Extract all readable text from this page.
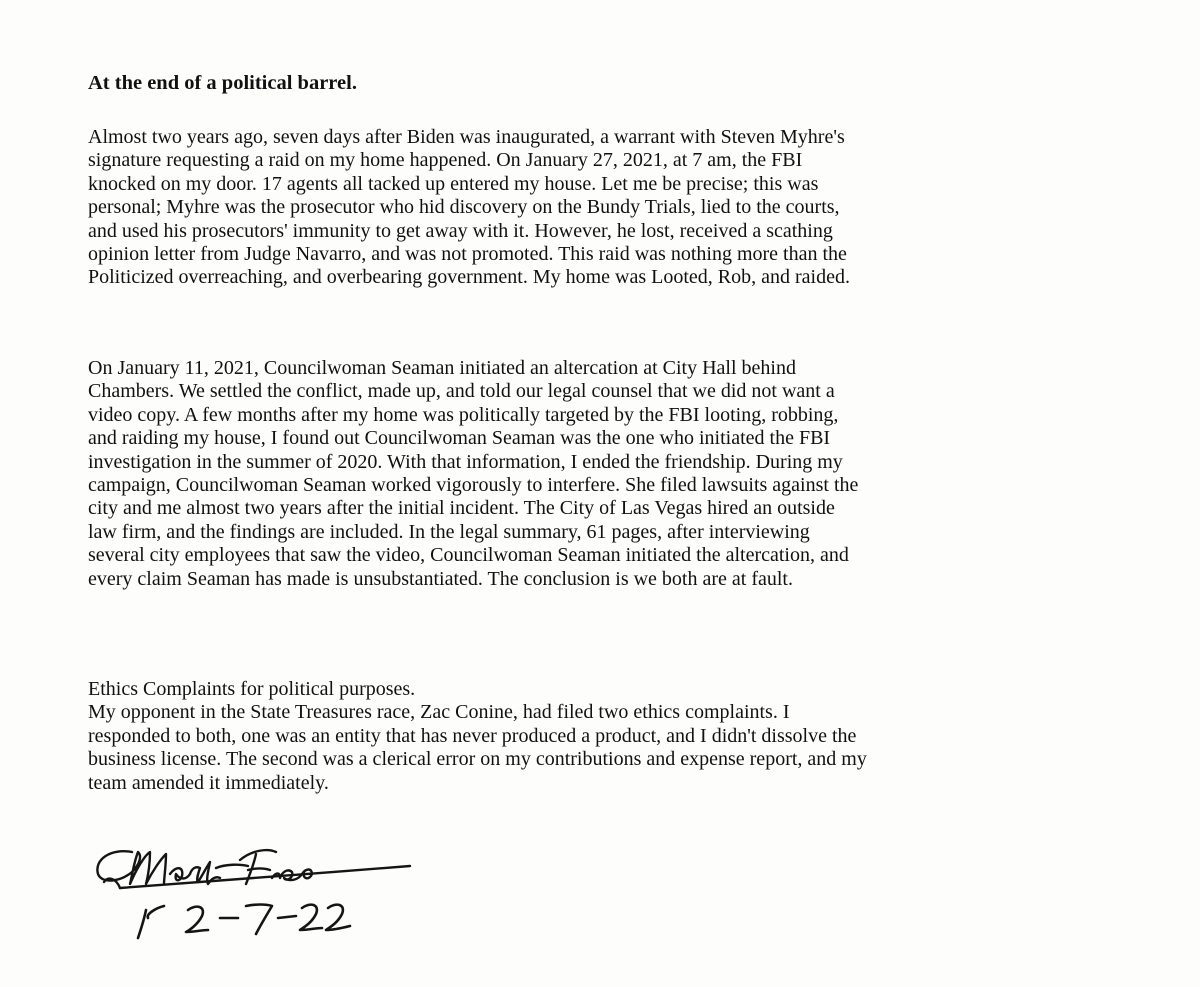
At the end of a political barrel.

Almost two years ago, seven days after Biden was inaugurated, a warrant with Steven Myhre's
signature requesting a raid on my home happened. On January 27, 2021, at 7 am, the FBI
knocked on my door. 17 agents all tacked up entered my house. Let me be precise; this was
personal; Myhre was the prosecutor who hid discovery on the Bundy Trials, lied to the courts,
and used his prosecutors' immunity to get away with it. However, he lost, received a scathing
opinion letter from Judge Navarro, and was not promoted. This raid was nothing more than the
Politicized overreaching, and overbearing government. My home was Looted, Rob, and raided.

On January 11, 2021, Councilwoman Seaman initiated an altercation at City Hall behind
Chambers. We settled the conflict, made up, and told our legal counsel that we did not want a
video copy. A few months after my home was politically targeted by the FBI looting, robbing,
and raiding my house, I found out Councilwoman Seaman was the one who initiated the FBI
investigation in the summer of 2020. With that information, I ended the friendship. During my
campaign, Councilwoman Seaman worked vigorously to interfere. She filed lawsuits against the
city and me almost two years after the initial incident. The City of Las Vegas hired an outside
law firm, and the findings are included. In the legal summary, 61 pages, after interviewing
several city employees that saw the video, Councilwoman Seaman initiated the altercation, and
every claim Seaman has made is unsubstantiated. The conclusion is we both are at fault.

Ethics Complaints for political purposes.
My opponent in the State Treasures race, Zac Conine, had filed two ethics complaints. I
responded to both, one was an entity that has never produced a product, and I didn't dissolve the
business license. The second was a clerical error on my contributions and expense report, and my
team amended it immediately.
